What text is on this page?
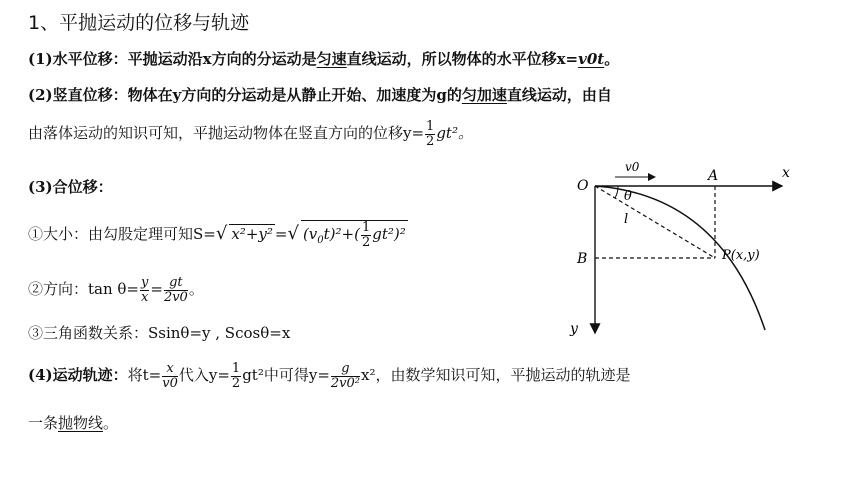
1、平抛运动的位移与轨迹
(1)水平位移：平抛运动沿x方向的分运动是匀速直线运动，所以物体的水平位移x=v0t。
(2)竖直位移：物体在y方向的分运动是从静止开始、加速度为g的匀加速直线运动，由自
由落体运动的知识可知，平抛运动物体在竖直方向的位移$y= \frac{1}{2} gt^2$。
(3)合位移：
①大小：由勾股定理可知S=√ x²+y² =√ $(v_0t)^2+( \frac{1}{2} gt^2)^2$
②方向：$\tan \theta= \frac{y}{x} = \frac{gt}{2v0}$ 。
③三角函数关系：Ssinθ=y , Scosθ=x
(4)运动轨迹：将$t= \frac{x}{v0}$ 代入$y= \frac{1}{2} gt^2$中可得$y= \frac{g}{\text{2v0²}} x^2$，由数学知识可知，平抛运动的轨迹是
一条抛物线。
O
A
B	P(x,y)
v0
θ
l
x
y
